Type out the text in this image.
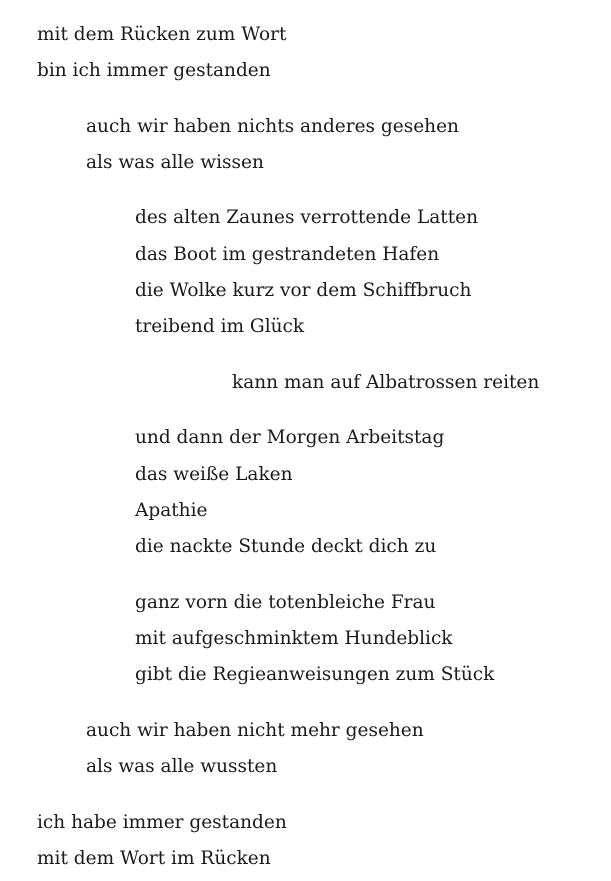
mit dem Rücken zum Wort
bin ich immer gestanden
auch wir haben nichts anderes gesehen
als was alle wissen
des alten Zaunes verrottende Latten
das Boot im gestrandeten Hafen
die Wolke kurz vor dem Schiffbruch
treibend im Glück
kann man auf Albatrossen reiten
und dann der Morgen Arbeitstag
das weiße Laken
Apathie
die nackte Stunde deckt dich zu
ganz vorn die totenbleiche Frau
mit aufgeschminktem Hundeblick
gibt die Regieanweisungen zum Stück
auch wir haben nicht mehr gesehen
als was alle wussten
ich habe immer gestanden
mit dem Wort im Rücken
